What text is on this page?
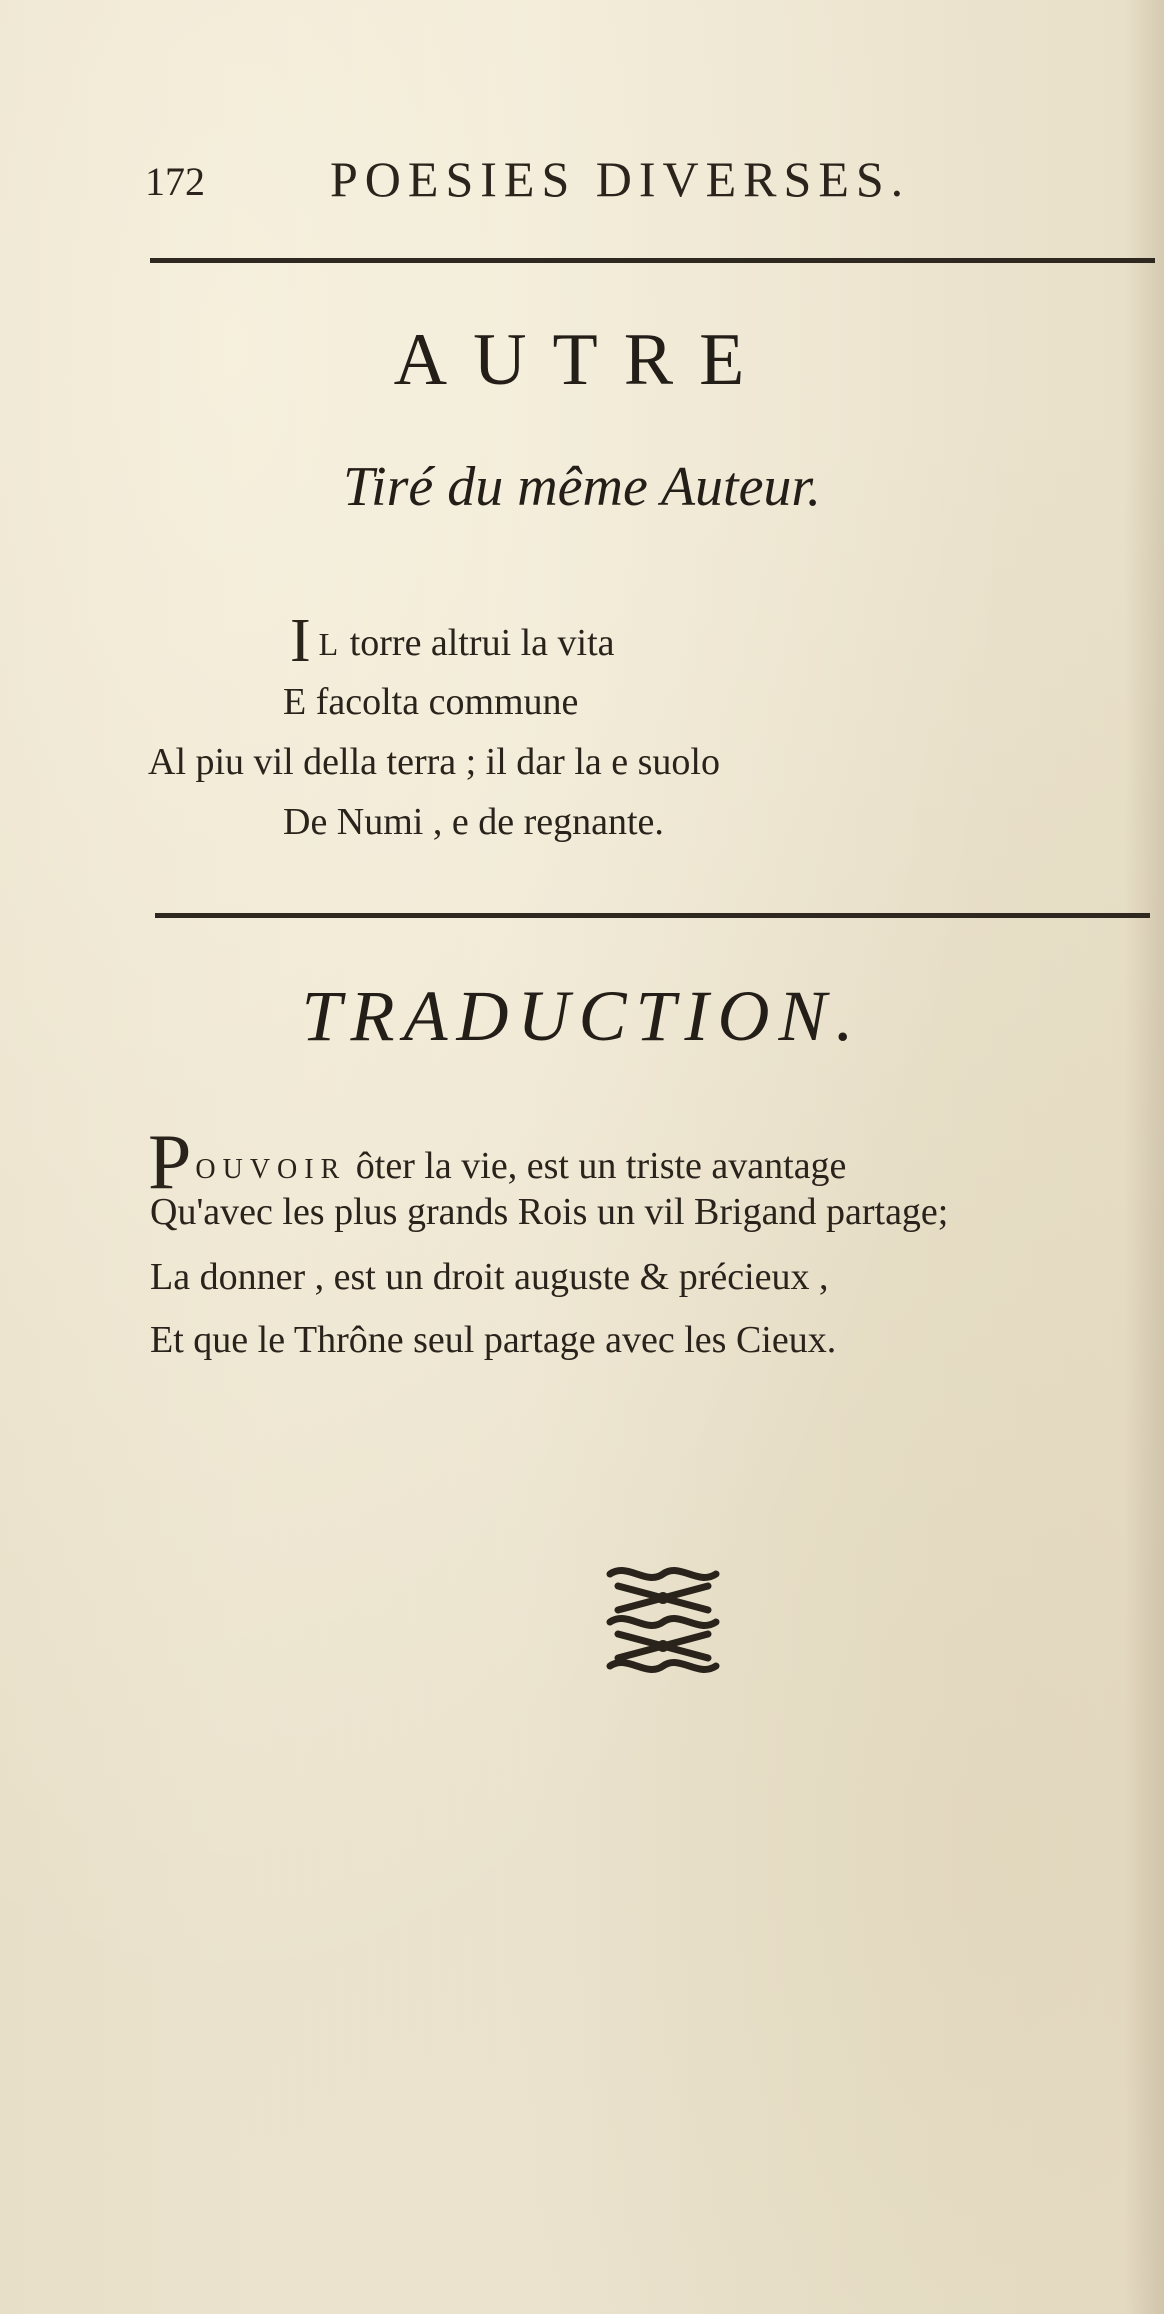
172	POESIES DIVERSES.
AUTRE
Tiré du même Auteur.
I L torre altrui la vita
E facolta commune
Al piu vil della terra ; il dar la e suolo
De Numi , e de regnante.
TRADUCTION.
POUVOIR ôter la vie, est un triste avantage
Qu'avec les plus grands Rois un vil Brigand partage;
La donner , est un droit auguste & précieux ,
Et que le Thrône seul partage avec les Cieux.
